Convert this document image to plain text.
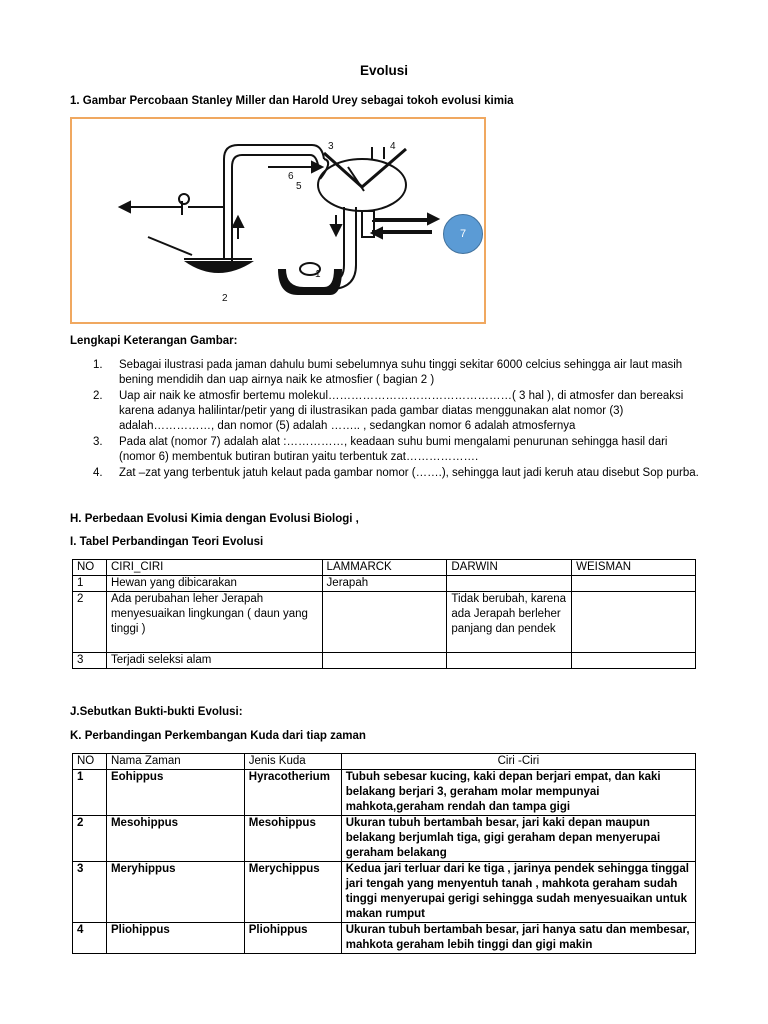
Evolusi
1. Gambar Percobaan Stanley Miller dan Harold Urey sebagai tokoh evolusi kimia
1
2
3	4
5
6
7
Lengkapi Keterangan Gambar:
1. Sebagai ilustrasi pada jaman dahulu bumi sebelumnya suhu tinggi sekitar 6000 celcius sehingga air laut masih bening mendidih dan uap airnya naik ke atmosfier ( bagian 2 )
2. Uap air naik ke atmosfir bertemu molekul…………………………………………( 3 hal ), di atmosfer dan bereaksi karena adanya halilintar/petir yang di ilustrasikan pada gambar diatas menggunakan alat nomor (3) adalah……………, dan nomor (5) adalah …….. , sedangkan nomor 6 adalah atmosfernya
3. Pada alat (nomor 7) adalah alat :……………, keadaan suhu bumi mengalami penurunan sehingga hasil dari (nomor 6) membentuk butiran butiran yaitu terbentuk zat……………….
4. Zat –zat yang terbentuk jatuh kelaut pada gambar nomor (…….), sehingga laut jadi keruh atau disebut Sop purba.
H. Perbedaan Evolusi Kimia dengan Evolusi Biologi ,
I. Tabel Perbandingan Teori Evolusi
NO	CIRI_CIRI	LAMMARCK	DARWIN	WEISMAN
1	Hewan yang dibicarakan	Jerapah		
2	Ada perubahan leher Jerapah menyesuaikan lingkungan ( daun yang tinggi )		Tidak berubah, karena ada Jerapah berleher panjang dan pendek	
3	Terjadi seleksi alam			
J.Sebutkan Bukti-bukti Evolusi:
K. Perbandingan Perkembangan Kuda dari tiap zaman
NO	Nama Zaman	Jenis Kuda	Ciri -Ciri
1	Eohippus	Hyracotherium	Tubuh sebesar kucing, kaki depan berjari empat, dan kaki belakang berjari 3, geraham molar mempunyai mahkota,geraham rendah dan tampa gigi
2	Mesohippus	Mesohippus	Ukuran tubuh bertambah besar, jari kaki depan maupun belakang berjumlah tiga, gigi geraham depan menyerupai geraham belakang
3	Meryhippus	Merychippus	Kedua jari terluar dari ke tiga , jarinya pendek sehingga tinggal jari tengah yang menyentuh tanah , mahkota geraham sudah tinggi menyerupai gerigi sehingga sudah menyesuaikan untuk makan rumput
4	Pliohippus	Pliohippus	Ukuran tubuh bertambah besar, jari hanya satu dan membesar, mahkota geraham lebih tinggi dan gigi makin
